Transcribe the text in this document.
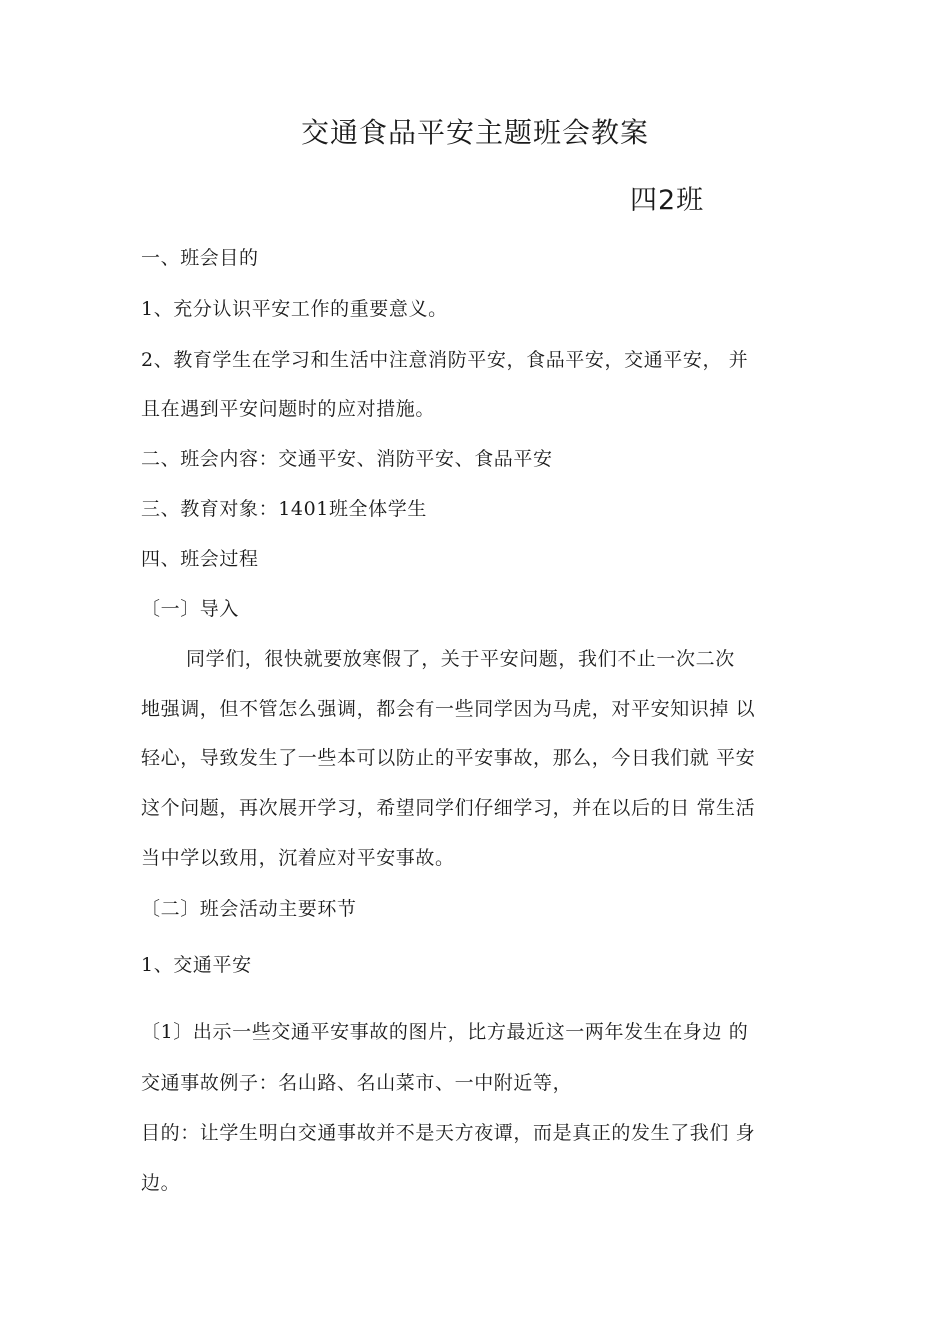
交通食品平安主题班会教案
四2班
一、班会目的
1、充分认识平安工作的重要意义。
2、教育学生在学习和生活中注意消防平安，食品平安，交通平安， 并
且在遇到平安问题时的应对措施。
二、班会内容：交通平安、消防平安、食品平安
三、教育对象：1401班全体学生
四、班会过程
〔一〕导入
同学们，很快就要放寒假了，关于平安问题，我们不止一次二次
地强调，但不管怎么强调，都会有一些同学因为马虎，对平安知识掉 以
轻心，导致发生了一些本可以防止的平安事故，那么，今日我们就 平安
这个问题，再次展开学习，希望同学们仔细学习，并在以后的日 常生活
当中学以致用，沉着应对平安事故。
〔二〕班会活动主要环节
1、交通平安
〔1〕出示一些交通平安事故的图片，比方最近这一两年发生在身边 的
交通事故例子：名山路、名山菜市、一中附近等，
目的：让学生明白交通事故并不是天方夜谭，而是真正的发生了我们 身
边。
